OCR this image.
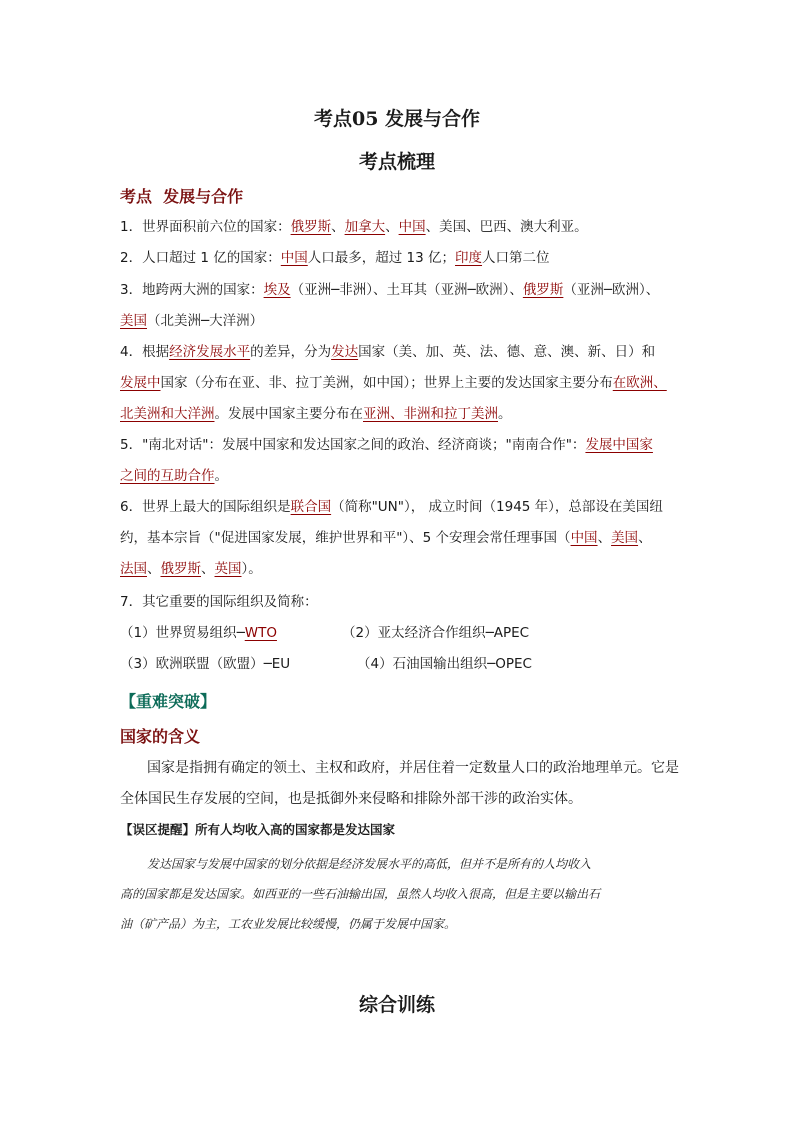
考点05 发展与合作
考点梳理
考点 发展与合作
1．世界面积前六位的国家：俄罗斯、加拿大、中国、美国、巴西、澳大利亚。
2．人口超过 1 亿的国家：中国人口最多，超过 13 亿；印度人口第二位
3．地跨两大洲的国家：埃及（亚洲─非洲）、土耳其（亚洲─欧洲）、俄罗斯（亚洲─欧洲）、
美国（北美洲─大洋洲）
4．根据经济发展水平的差异，分为发达国家（美、加、英、法、德、意、澳、新、日）和
发展中国家（分布在亚、非、拉丁美洲，如中国）；世界上主要的发达国家主要分布在欧洲、
北美洲和大洋洲。发展中国家主要分布在亚洲、非洲和拉丁美洲。
5．"南北对话"：发展中国家和发达国家之间的政治、经济商谈；"南南合作"：发展中国家
之间的互助合作。
6．世界上最大的国际组织是联合国（简称"UN"）， 成立时间（1945 年），总部设在美国纽
约，基本宗旨（"促进国家发展，维护世界和平"）、5 个安理会常任理事国（中国、美国、
法国、俄罗斯、英国）。
7．其它重要的国际组织及简称：
（1）世界贸易组织─WTO	（2）亚太经济合作组织─APEC
（3）欧洲联盟（欧盟）─EU	（4）石油国输出组织─OPEC
【重难突破】
国家的含义
国家是指拥有确定的领土、主权和政府，并居住着一定数量人口的政治地理单元。它是
全体国民生存发展的空间，也是抵御外来侵略和排除外部干涉的政治实体。
【误区提醒】所有人均收入高的国家都是发达国家
发达国家与发展中国家的划分依据是经济发展水平的高低，但并不是所有的人均收入
高的国家都是发达国家。如西亚的一些石油输出国，虽然人均收入很高，但是主要以输出石
油（矿产品）为主，工农业发展比较缓慢，仍属于发展中国家。
综合训练
